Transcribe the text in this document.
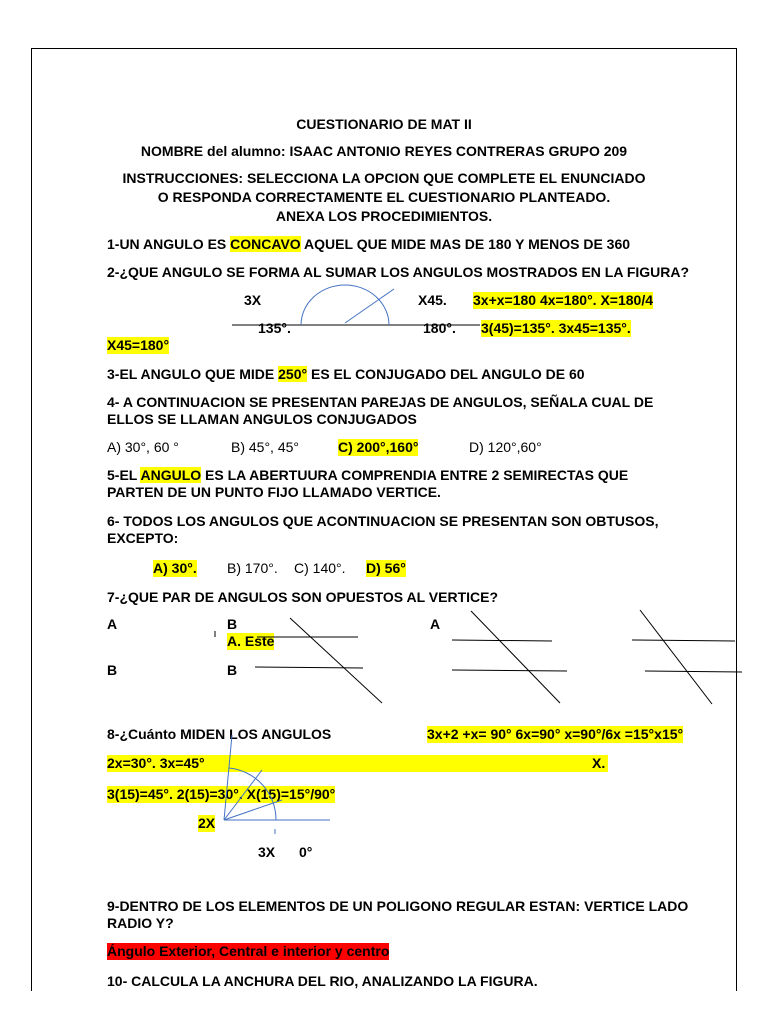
CUESTIONARIO DE MAT II
NOMBRE del alumno: ISAAC ANTONIO REYES CONTRERAS GRUPO 209
INSTRUCCIONES: SELECCIONA LA OPCION QUE COMPLETE EL ENUNCIADO
O RESPONDA CORRECTAMENTE EL CUESTIONARIO PLANTEADO.
ANEXA LOS PROCEDIMIENTOS.
1-UN ANGULO ES CONCAVO AQUEL QUE MIDE MAS DE 180 Y MENOS DE 360
2-¿QUE ANGULO SE FORMA AL SUMAR LOS ANGULOS MOSTRADOS EN LA FIGURA?
3X	X45. 3x+x=180 4x=180°. X=180/4
135°.	180°. 3(45)=135°. 3x45=135°.
X45=180°
3-EL ANGULO QUE MIDE 250° ES EL CONJUGADO DEL ANGULO DE 60
4- A CONTINUACION SE PRESENTAN PAREJAS DE ANGULOS, SEÑALA CUAL DE
ELLOS SE LLAMAN ANGULOS CONJUGADOS
A) 30°, 60 °	B) 45°, 45°	C) 200°,160°	D) 120°,60°
5-EL ANGULO ES LA ABERTUURA COMPRENDIA ENTRE 2 SEMIRECTAS QUE
PARTEN DE UN PUNTO FIJO LLAMADO VERTICE.
6- TODOS LOS ANGULOS QUE ACONTINUACION SE PRESENTAN SON OBTUSOS,
EXCEPTO:
A) 30°. B) 170°. C) 140°. D) 56°
7-¿QUE PAR DE ANGULOS SON OPUESTOS AL VERTICE?
A	B
A. Este
A
B	B
8-¿Cuánto MIDEN LOS ANGULOS	3x+2 +x= 90° 6x=90° x=90°/6x =15°x15°
2x=30°. 3x=45°	X.
3(15)=45°. 2(15)=30°. X(15)=15°/90°
2X
3X 0°
9-DENTRO DE LOS ELEMENTOS DE UN POLIGONO REGULAR ESTAN: VERTICE LADO
RADIO Y?
Ángulo Exterior, Central e interior y centro
10- CALCULA LA ANCHURA DEL RIO, ANALIZANDO LA FIGURA.
